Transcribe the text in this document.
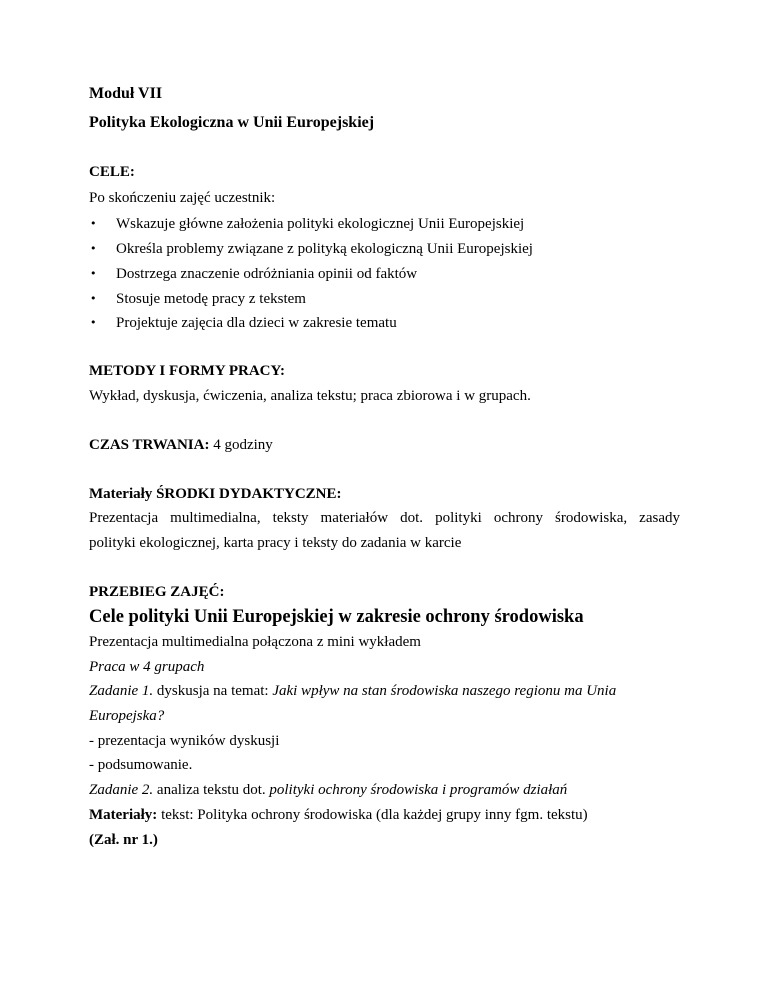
Moduł VII
Polityka Ekologiczna w Unii Europejskiej
CELE:
Po skończeniu zajęć uczestnik:
• Wskazuje główne założenia polityki ekologicznej Unii Europejskiej
• Określa problemy związane z polityką ekologiczną Unii Europejskiej
• Dostrzega znaczenie odróżniania opinii od faktów
• Stosuje metodę pracy z tekstem
• Projektuje zajęcia dla dzieci w zakresie tematu
METODY I FORMY PRACY:
Wykład, dyskusja, ćwiczenia, analiza tekstu; praca zbiorowa i w grupach.
CZAS TRWANIA: 4 godziny
Materiały ŚRODKI DYDAKTYCZNE:
Prezentacja multimedialna, teksty materiałów dot. polityki ochrony środowiska, zasady
polityki ekologicznej, karta pracy i teksty do zadania w karcie
PRZEBIEG ZAJĘĆ:
Cele polityki Unii Europejskiej w zakresie ochrony środowiska
Prezentacja multimedialna połączona z mini wykładem
Praca w 4 grupach
Zadanie 1. dyskusja na temat: Jaki wpływ na stan środowiska naszego regionu ma Unia
Europejska?
- prezentacja wyników dyskusji
- podsumowanie.
Zadanie 2. analiza tekstu dot. polityki ochrony środowiska i programów działań
Materiały: tekst: Polityka ochrony środowiska (dla każdej grupy inny fgm. tekstu)
(Zał. nr 1.)
